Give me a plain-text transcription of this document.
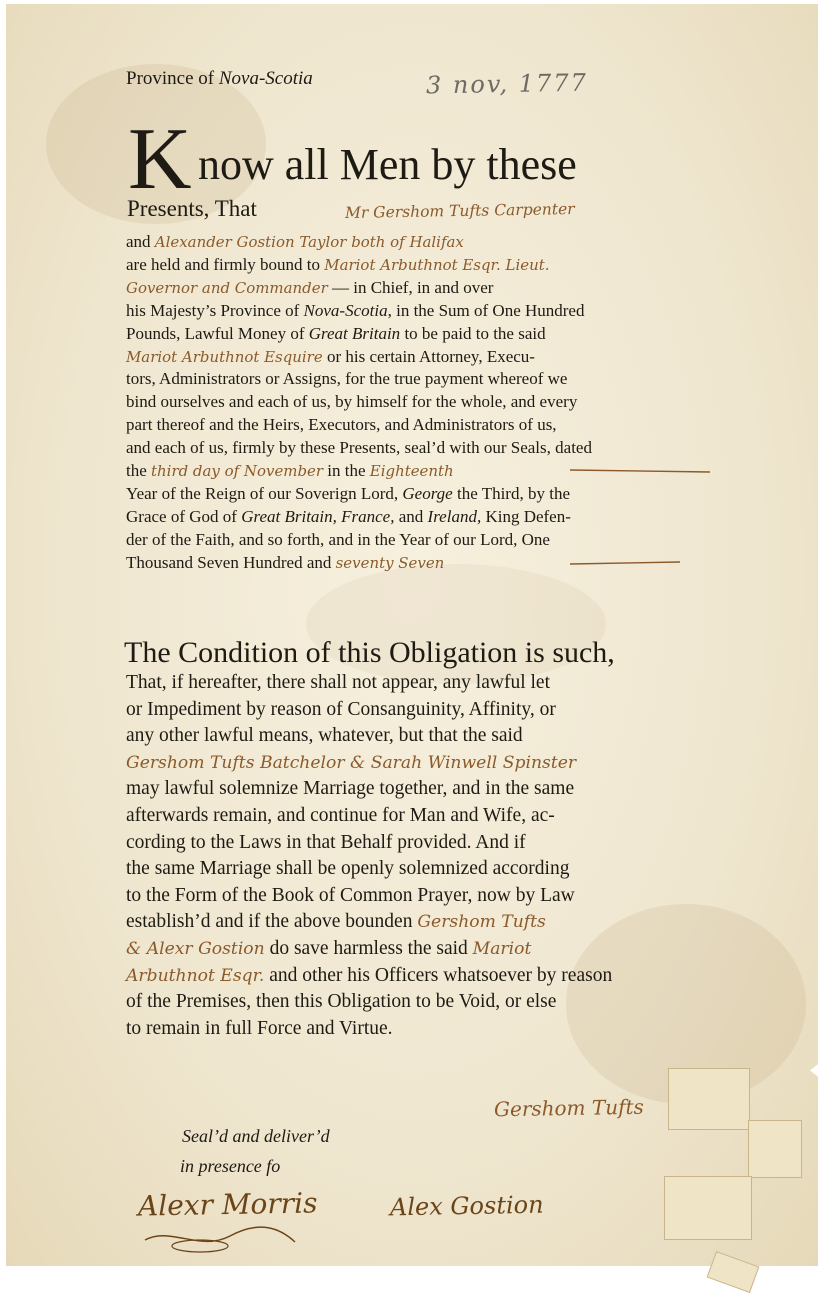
Province of Nova-Scotia	3 nov, 1777
K now all Men by these
Presents, That	Mr Gershom Tufts Carpenter
and Alexander Gostion Taylor both of Halifax
are held and firmly bound to Mariot Arbuthnot Esqr. Lieut.
Governor and Commander — in Chief, in and over
his Majesty’s Province of Nova-Scotia, in the Sum of One Hundred
Pounds, Lawful Money of Great Britain to be paid to the said
Mariot Arbuthnot Esquire or his certain Attorney, Execu-
tors, Administrators or Assigns, for the true payment whereof we
bind ourselves and each of us, by himself for the whole, and every
part thereof and the Heirs, Executors, and Administrators of us,
and each of us, firmly by these Presents, seal’d with our Seals, dated
the third day of November in the Eighteenth
Year of the Reign of our Soverign Lord, George the Third, by the
Grace of God of Great Britain, France, and Ireland, King Defen-
der of the Faith, and so forth, and in the Year of our Lord, One
Thousand Seven Hundred and seventy Seven
The Condition of this Obligation is such,
That, if hereafter, there shall not appear, any lawful let
or Impediment by reason of Consanguinity, Affinity, or
any other lawful means, whatever, but that the said
Gershom Tufts Batchelor & Sarah Winwell Spinster
may lawful solemnize Marriage together, and in the same
afterwards remain, and continue for Man and Wife, ac-
cording to the Laws in that Behalf provided. And if
the same Marriage shall be openly solemnized according
to the Form of the Book of Common Prayer, now by Law
establish’d and if the above bounden Gershom Tufts
& Alexr Gostion do save harmless the said Mariot
Arbuthnot Esqr. and other his Officers whatsoever by reason
of the Premises, then this Obligation to be Void, or else
to remain in full Force and Virtue.
Gershom Tufts
Seal’d and deliver’d
in presence fo
Alexr Morris	Alex Gostion
